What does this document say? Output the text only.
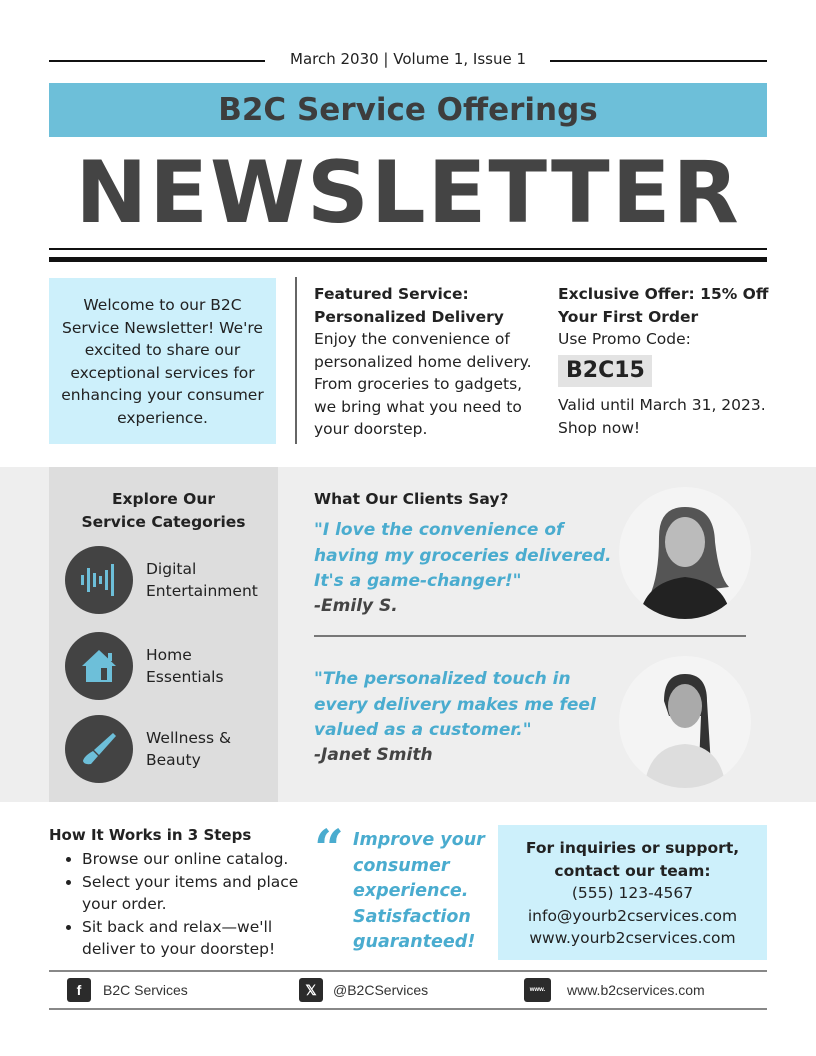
March 2030 | Volume 1, Issue 1
B2C Service Offerings
NEWSLETTER
Welcome to our B2C Service Newsletter! We're excited to share our exceptional services for enhancing your consumer experience.
Featured Service:
Personalized Delivery
Enjoy the convenience of personalized home delivery. From groceries to gadgets, we bring what you need to your doorstep.
Exclusive Offer: 15% Off
Your First Order
Use Promo Code:
B2C15
Valid until March 31, 2023.
Shop now!
Explore Our Service Categories
Digital
Entertainment
Home
Essentials
Wellness &
Beauty
What Our Clients Say?
"I love the convenience of having my groceries delivered. It's a game-changer!"
-Emily S.
"The personalized touch in every delivery makes me feel valued as a customer."
-Janet Smith
How It Works in 3 Steps
• Browse our online catalog.
• Select your items and place your order.
• Sit back and relax—we'll deliver to your doorstep!
“ Improve your consumer experience. Satisfaction guaranteed!
For inquiries or support, contact our team:
(555) 123-4567
info@yourb2cservices.com
www.yourb2cservices.com
f	B2C Services	𝕏	@B2CServices	www.	www.b2cservices.com
